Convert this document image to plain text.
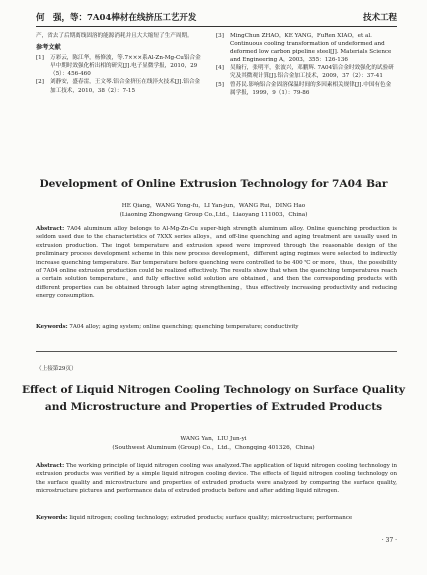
何　强，等：7A04棒材在线挤压工艺开发	技术工程

产，省去了后期离线固溶的能源消耗并且大大缩短了生产周期。

参考文献

[1] 万彩云，陈江华，杨修波，等.7×××系Al-Zn-Mg-Cu铝合金早中期时效强化析出相的研究[J].电子显微学报，2010，29（5）：456-460

[2] 刘静安，盛春雷，王文琴.铝合金挤压在线淬火技术[J].铝合金加工技术，2010，38（2）：7-15

[3] MingChun ZHAO，KE YANG，FuRen XIAO，et al. Continuous cooling transformation of undeformed and deformed low carbon pipeline steel[J]. Materials Science and Engineering A，2003，355：126-136

[4] 吴翰行，张明平，张波兴，邓鹏辉. 7A04铝合金时效强化的试验研究及其微观计算[J].铝合金加工技术，2009，37（2）：37-41

[5] 曾苏民.影响铝合金固溶保温时间的多因素相关规律[J].中国有色金属学报，1999，9（1）：79-86

Development of Online Extrusion Technology for 7A04 Bar
HE Qiang，WANG Yong-fu，LI Yan-jun，WANG Rui，DING Hao
(Liaoning Zhongwang Group Co.,Ltd.，Liaoyang 111003，China)
Abstract: 7A04 aluminum alloy belongs to Al-Mg-Zn-Cu super-high strength aluminum alloy. Online quenching production is seldom used due to the characteristics of 7XXX series alloys，and off-line quenching and aging treatment are usually used in extrusion production. The ingot temperature and extrusion speed were improved through the reasonable design of the preliminary process development scheme in this new process development，different aging regimes were selected to indirectly increase quenching temperature. Bar temperature before quenching were controlled to be 400 ℃ or more，thus，the possibility of 7A04 online extrusion production could be realized effectively. The results show that when the quenching temperatures reach a certain solution temperature，and fully effective solid solution are obtained，and then the corresponding products with different properties can be obtained through later aging strengthening，thus effectively increasing productivity and reducing energy consumption.
Keywords: 7A04 alloy; aging system; online quenching; quenching temperature; conductivity
（上接第29页）
Effect of Liquid Nitrogen Cooling Technology on Surface Quality
and Microstructure and Properties of Extruded Products
WANG Yan，LIU Jun-yi
(Southwest Aluminum (Group) Co.，Ltd.，Chongqing 401326，China)
Abstract: The working principle of liquid nitrogen cooling was analyzed.The application of liquid nitrogen cooling technology in extrusion products was verified by a simple liquid nitrogen cooling device. The effects of liquid nitrogen cooling technology on the surface quality and microstructure and properties of extruded products were analyzed by comparing the surface quality, microstructure pictures and performance data of extruded products before and after adding liquid nitrogen.
Keywords: liquid nitrogen; cooling technology; extruded products; surface quality; microstructure; performance
· 37 ·
